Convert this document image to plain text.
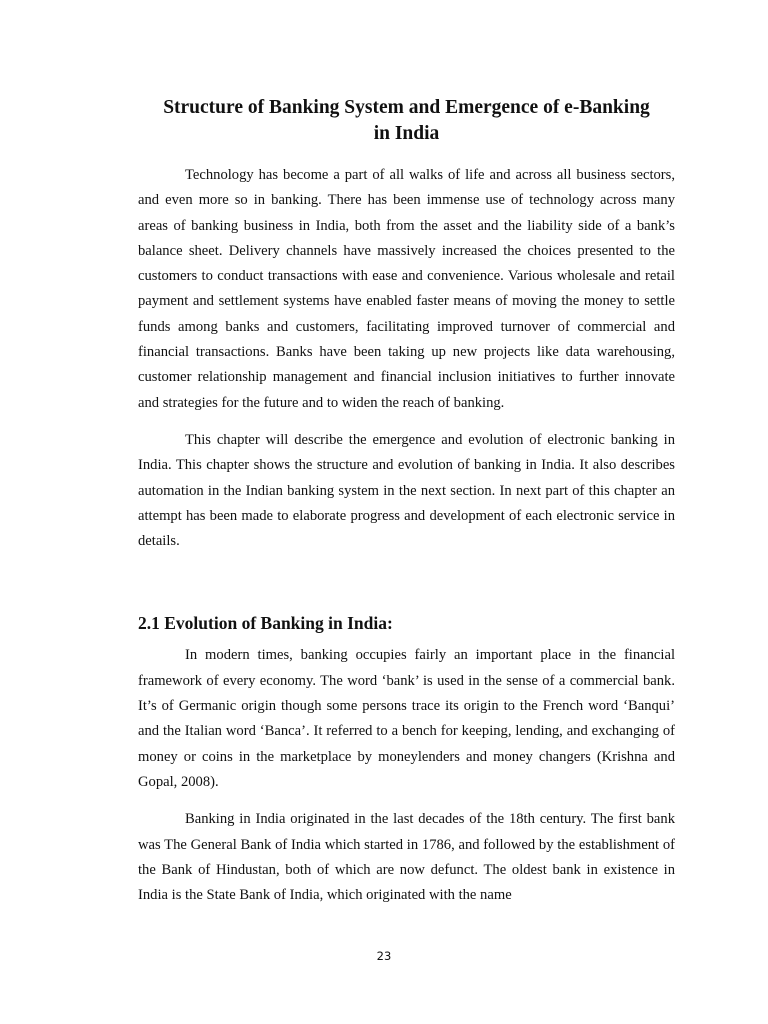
Structure of Banking System and Emergence of e-Banking
in India

Technology has become a part of all walks of life and across all business sectors, and even more so in banking. There has been immense use of technology across many areas of banking business in India, both from the asset and the liability side of a bank’s balance sheet. Delivery channels have massively increased the choices presented to the customers to conduct transactions with ease and convenience. Various wholesale and retail payment and settlement systems have enabled faster means of moving the money to settle funds among banks and customers, facilitating improved turnover of commercial and financial transactions. Banks have been taking up new projects like data warehousing, customer relationship management and financial inclusion initiatives to further innovate and strategies for the future and to widen the reach of banking.

This chapter will describe the emergence and evolution of electronic banking in India. This chapter shows the structure and evolution of banking in India. It also describes automation in the Indian banking system in the next section. In next part of this chapter an attempt has been made to elaborate progress and development of each electronic service in details.

2.1 Evolution of Banking in India:

In modern times, banking occupies fairly an important place in the financial framework of every economy. The word ‘bank’ is used in the sense of a commercial bank. It’s of Germanic origin though some persons trace its origin to the French word ‘Banqui’ and the Italian word ‘Banca’. It referred to a bench for keeping, lending, and exchanging of money or coins in the marketplace by moneylenders and money changers (Krishna and Gopal, 2008).

Banking in India originated in the last decades of the 18th century. The first bank was The General Bank of India which started in 1786, and followed by the establishment of the Bank of Hindustan, both of which are now defunct. The oldest bank in existence in India is the State Bank of India, which originated with the name

23
